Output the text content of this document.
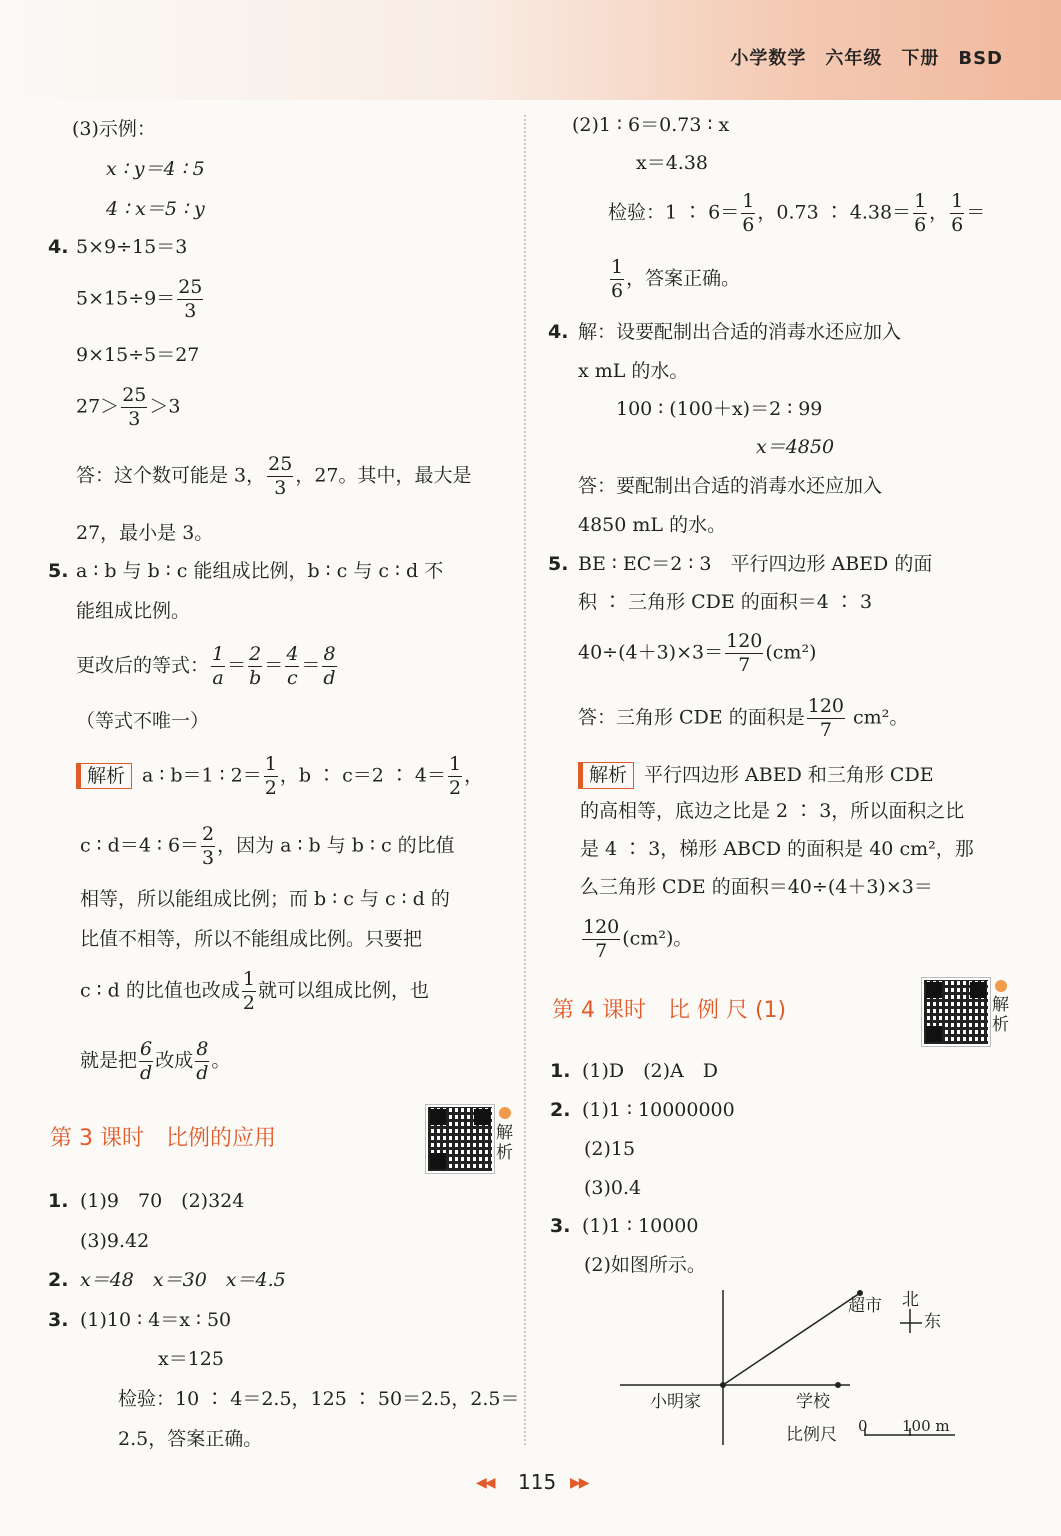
小学数学　六年级　下册　BSD
(3)示例：
x ∶ y＝4 ∶ 5
4 ∶ x＝5 ∶ y
4. 5×9÷15＝3
$5\times 15\div 9= \frac{25}{3}$
9×15÷5＝27
$27> \frac{25}{3} >3$
答：这个数可能是 3， $\frac{25}{3}$ ，27。其中，最大是
27，最小是 3。
5. a ∶ b 与 b ∶ c 能组成比例，b ∶ c 与 c ∶ d 不
能组成比例。
更改后的等式： $\frac{1}{a} = \frac{2}{b} = \frac{4}{c} = \frac{8}{d}$
（等式不唯一）
解析 a ∶ b＝1 ∶ $2= \frac{1}{2}$ ，b ∶ c＝2 ∶ $4= \frac{1}{2}$ ，
c ∶ d＝4 ∶ $6= \frac{2}{3}$ ，因为 a ∶ b 与 b ∶ c 的比值
相等，所以能组成比例；而 b ∶ c 与 c ∶ d 的
比值不相等，所以不能组成比例。只要把
c ∶ d 的比值也改成 $\frac{1}{2}$ 就可以组成比例，也
就是把 $\frac{6}{d}$ 改成 $\frac{8}{d}$ 。
第 3 课时　比例的应用	解析
1. (1)9　70　(2)324
(3)9.42
2. x＝48　x＝30　x＝4.5
3. (1)10 ∶ 4＝x ∶ 50
x＝125
检验：10 ∶ 4＝2.5，125 ∶ 50＝2.5，2.5＝
2.5，答案正确。
(2)1 ∶ 6＝0.73 ∶ x
x＝4.38
检验：1 ∶ $6= \frac{1}{6}$ ，0.73 ∶ $4.38= \frac{1}{6}$ ， $\frac{1}{6}$ ＝
$\frac{1}{6}$ ，答案正确。
4. 解：设要配制出合适的消毒水还应加入
x mL 的水。
100 ∶ (100＋x)＝2 ∶ 99
x＝4850
答：要配制出合适的消毒水还应加入
4850 mL 的水。
5. BE ∶ EC＝2 ∶ 3　平行四边形 ABED 的面
积 ∶ 三角形 CDE 的面积＝4 ∶ 3
$40\div(4+3)\times 3= \frac{120}{7} (cm^2)$
答：三角形 CDE 的面积是 $\frac{120}{7} cm^2$。
解析 平行四边形 ABED 和三角形 CDE
的高相等，底边之比是 2 ∶ 3，所以面积之比
是 4 ∶ 3，梯形 ABCD 的面积是 40 cm²，那
么三角形 CDE 的面积＝40÷(4＋3)×3＝
$\frac{120}{7} (cm^2)$。
第 4 课时　比 例 尺 (1)	解析
1. (1)D　(2)A　D
2. (1)1 ∶ 10000000
(2)15
(3)0.4
3. (1)1 ∶ 10000
(2)如图所示。
超市 北
东
小明家	学校
比例尺 0 100 m
◀◀ 115 ▶▶
